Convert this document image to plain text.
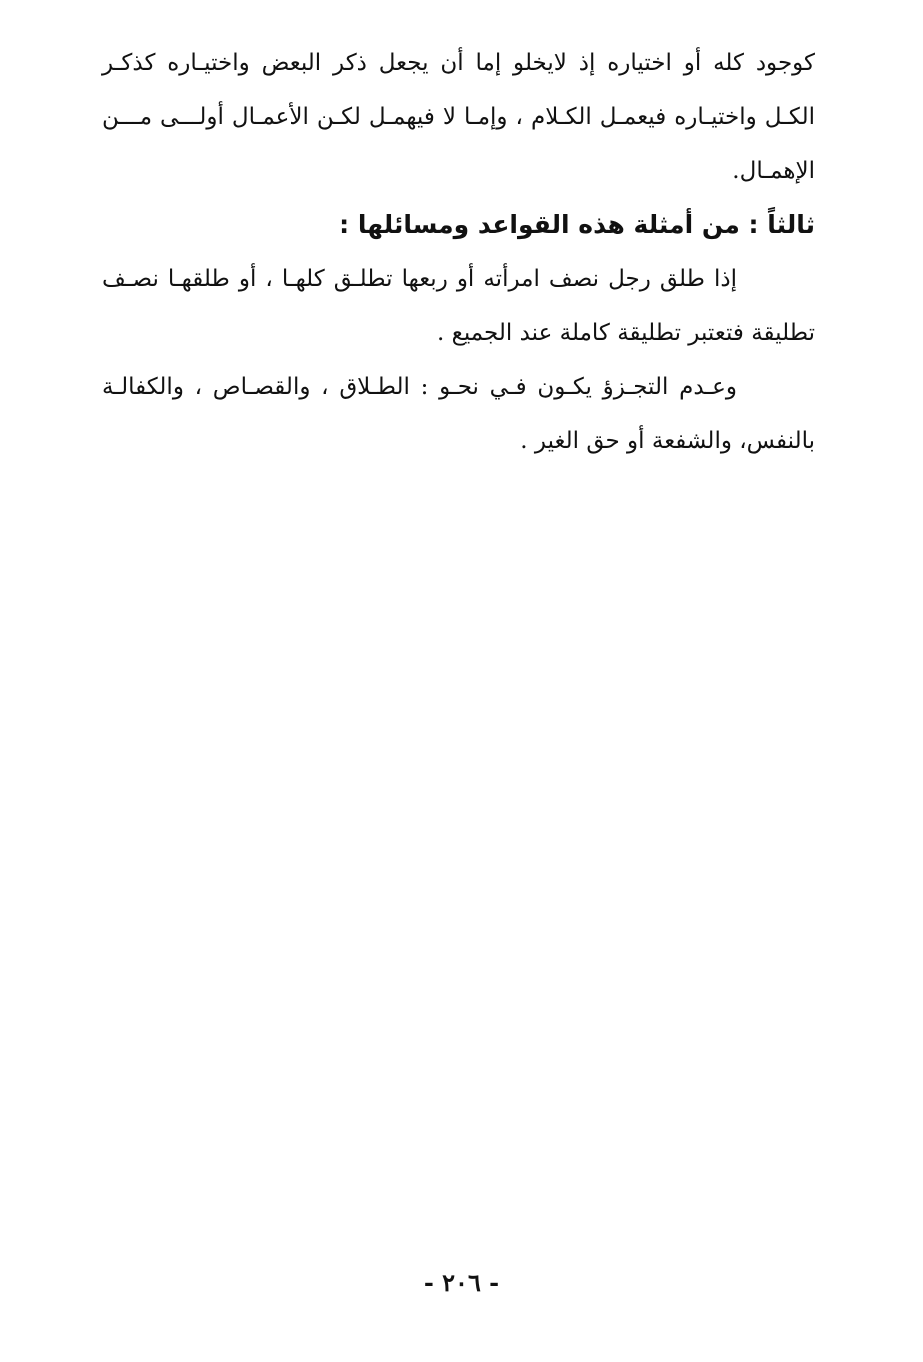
كوجود كله أو اختياره إذ لايخلو إما أن يجعل ذكر البعض واختيـاره كذكـر الكـل واختيـاره فيعمـل الكـلام ، وإمـا لا فيهمـل لكـن الأعمـال أولـــى مـــن الإهمـال.

ثالثاً : من أمثلة هذه القواعد ومسائلها :

إذا طلق رجل نصف امرأته أو ربعها تطلـق كلهـا ، أو طلقهـا نصـف تطليقة فتعتبر تطليقة كاملة عند الجميع .

وعـدم التجـزؤ يكـون فـي نحـو : الطـلاق ، والقصـاص ، والكفالـة بالنفس، والشفعة أو حق الغير .

- ٢٠٦ -
